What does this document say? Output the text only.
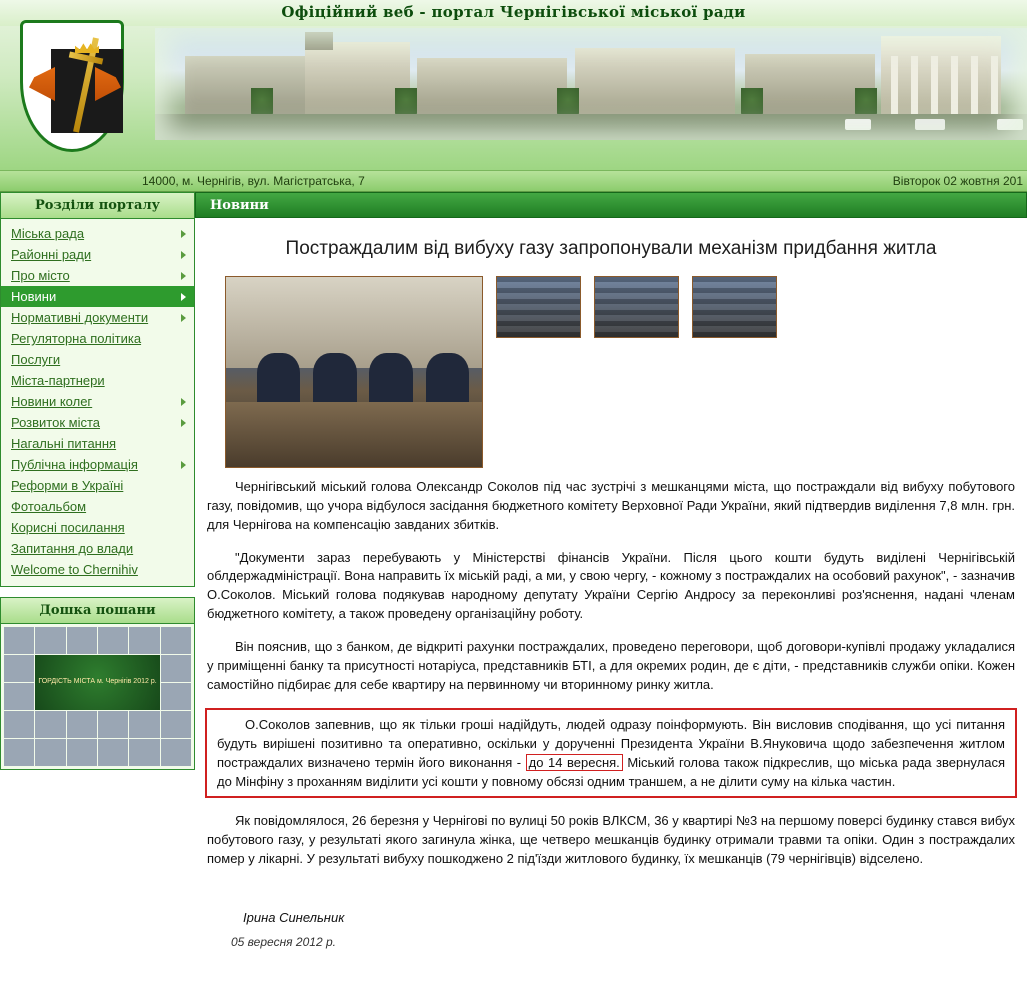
Офіційний веб - портал Чернігівської міської ради
14000, м. Чернігів, вул. Магістратська, 7	Вівторок 02 жовтня 201
Розділи порталу
Міська рада
Районні ради
Про місто
Новини
Нормативні документи
Регуляторна політика
Послуги
Міста-партнери
Новини колег
Розвиток міста
Нагальні питання
Публічна інформація
Реформи в Україні
Фотоальбом
Корисні посилання
Запитання до влади
Welcome to Chernihiv
Дошка пошани
ГОРДІСТЬ МІСТА м. Чернігів 2012 р.
Новини
Постраждалим від вибуху газу запропонували механізм придбання житла

Чернігівський міський голова Олександр Соколов під час зустрічі з мешканцями міста, що постраждали від вибуху побутового газу, повідомив, що учора відбулося засідання бюджетного комітету Верховної Ради України, який підтвердив виділення 7,8 млн. грн. для Чернігова на компенсацію завданих збитків.

"Документи зараз перебувають у Міністерстві фінансів України. Після цього кошти будуть виділені Чернігівській облдержадміністрації. Вона направить їх міській раді, а ми, у свою чергу, - кожному з постраждалих на особовий рахунок", - зазначив О.Соколов. Міський голова подякував народному депутату України Сергію Андросу за переконливі роз'яснення, надані членам бюджетного комітету, а також проведену організаційну роботу.

Він пояснив, що з банком, де відкриті рахунки постраждалих, проведено переговори, щоб договори-купівлі продажу укладалися у приміщенні банку та присутності нотаріуса, представників БТІ, а для окремих родин, де є діти, - представників служби опіки. Кожен самостійно підбирає для себе квартиру на первинному чи вторинному ринку житла.

О.Соколов запевнив, що як тільки гроші надійдуть, людей одразу поінформують. Він висловив сподівання, що усі питання будуть вирішені позитивно та оперативно, оскільки у дорученні Президента України В.Януковича щодо забезпечення житлом постраждалих визначено термін його виконання - до 14 вересня. Міський голова також підкреслив, що міська рада звернулася до Мінфіну з проханням виділити усі кошти у повному обсязі одним траншем, а не ділити суму на кілька частин.

Як повідомлялося, 26 березня у Чернігові по вулиці 50 років ВЛКСМ, 36 у квартирі №3 на першому поверсі будинку стався вибух побутового газу, у результаті якого загинула жінка, ще четверо мешканців будинку отримали травми та опіки. Один з постраждалих помер у лікарні. У результаті вибуху пошкоджено 2 під'їзди житлового будинку, їх мешканців (79 чернігівців) відселено.

Ірина Синельник
05 вересня 2012 р.
